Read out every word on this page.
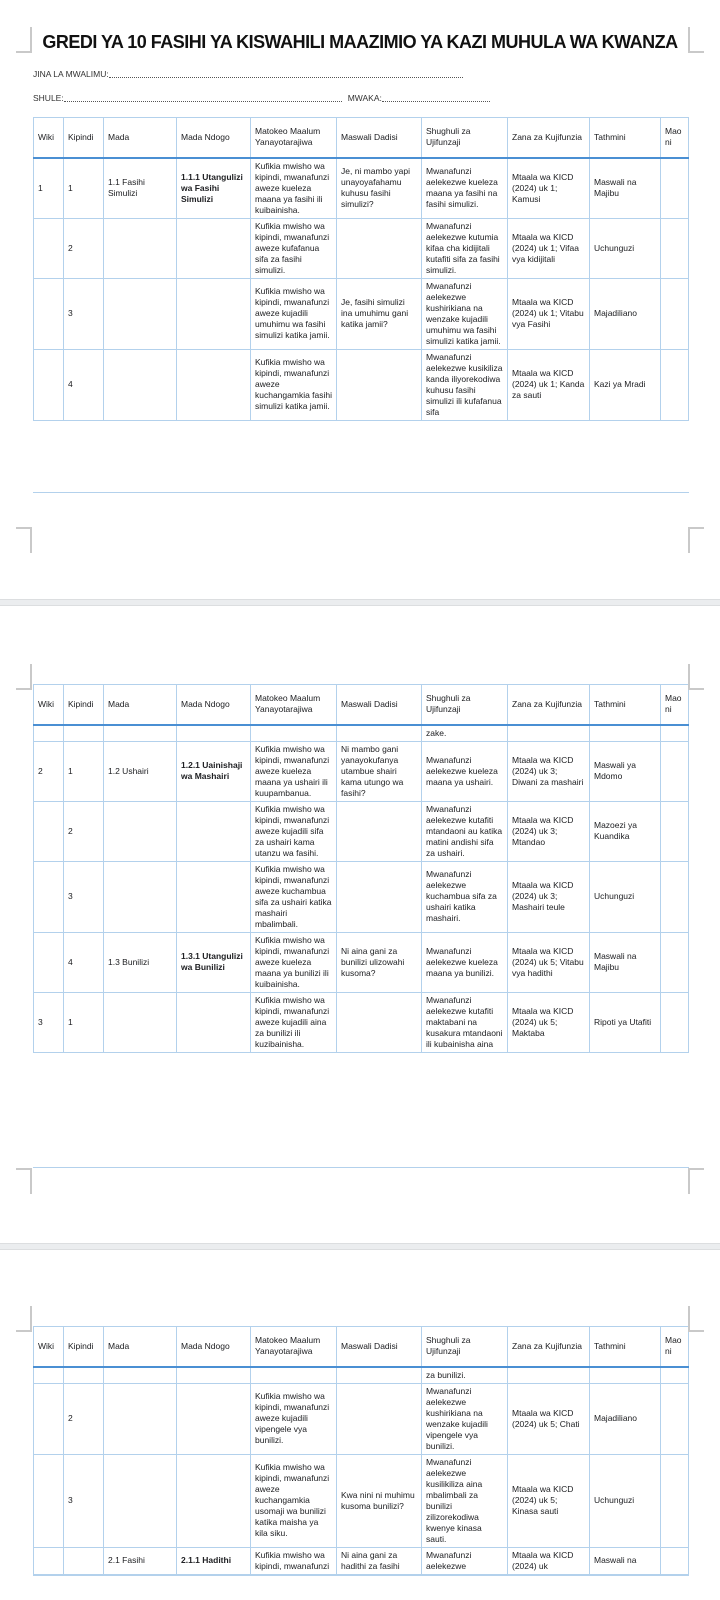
GREDI YA 10 FASIHI YA KISWAHILI MAAZIMIO YA KAZI MUHULA WA KWANZA
JINA LA MWALIMU:
SHULE:	MWAKA:
Wiki	Kipindi	Mada	Mada Ndogo	Matokeo Maalum Yanayotarajiwa	Maswali Dadisi	Shughuli za Ujifunzaji	Zana za Kujifunzia	Tathmini	Maoni
1	1	1.1 Fasihi Simulizi	1.1.1 Utangulizi wa Fasihi Simulizi	Kufikia mwisho wa kipindi, mwanafunzi aweze kueleza maana ya fasihi ili kuibainisha.	Je, ni mambo yapi unayoyafahamu kuhusu fasihi simulizi?	Mwanafunzi aelekezwe kueleza maana ya fasihi na fasihi simulizi.	Mtaala wa KICD (2024) uk 1; Kamusi	Maswali na Majibu	
	2			Kufikia mwisho wa kipindi, mwanafunzi aweze kufafanua sifa za fasihi simulizi.		Mwanafunzi aelekezwe kutumia kifaa cha kidijitali kutafiti sifa za fasihi simulizi.	Mtaala wa KICD (2024) uk 1; Vifaa vya kidijitali	Uchunguzi	
	3			Kufikia mwisho wa kipindi, mwanafunzi aweze kujadili umuhimu wa fasihi simulizi katika jamii.	Je, fasihi simulizi ina umuhimu gani katika jamii?	Mwanafunzi aelekezwe kushirikiana na wenzake kujadili umuhimu wa fasihi simulizi katika jamii.	Mtaala wa KICD (2024) uk 1; Vitabu vya Fasihi	Majadiliano	
	4			Kufikia mwisho wa kipindi, mwanafunzi aweze kuchangamkia fasihi simulizi katika jamii.		Mwanafunzi aelekezwe kusikiliza kanda iliyorekodiwa kuhusu fasihi simulizi ili kufafanua sifa	Mtaala wa KICD (2024) uk 1; Kanda za sauti	Kazi ya Mradi	
Wiki	Kipindi	Mada	Mada Ndogo	Matokeo Maalum Yanayotarajiwa	Maswali Dadisi	Shughuli za Ujifunzaji	Zana za Kujifunzia	Tathmini	Maoni
						zake.			
2	1	1.2 Ushairi	1.2.1 Uainishaji wa Mashairi	Kufikia mwisho wa kipindi, mwanafunzi aweze kueleza maana ya ushairi ili kuupambanua.	Ni mambo gani yanayokufanya utambue shairi kama utungo wa fasihi?	Mwanafunzi aelekezwe kueleza maana ya ushairi.	Mtaala wa KICD (2024) uk 3; Diwani za mashairi	Maswali ya Mdomo	
	2			Kufikia mwisho wa kipindi, mwanafunzi aweze kujadili sifa za ushairi kama utanzu wa fasihi.		Mwanafunzi aelekezwe kutafiti mtandaoni au katika matini andishi sifa za ushairi.	Mtaala wa KICD (2024) uk 3; Mtandao	Mazoezi ya Kuandika	
	3			Kufikia mwisho wa kipindi, mwanafunzi aweze kuchambua sifa za ushairi katika mashairi mbalimbali.		Mwanafunzi aelekezwe kuchambua sifa za ushairi katika mashairi.	Mtaala wa KICD (2024) uk 3; Mashairi teule	Uchunguzi	
	4	1.3 Bunilizi	1.3.1 Utangulizi wa Bunilizi	Kufikia mwisho wa kipindi, mwanafunzi aweze kueleza maana ya bunilizi ili kuibainisha.	Ni aina gani za bunilizi ulizowahi kusoma?	Mwanafunzi aelekezwe kueleza maana ya bunilizi.	Mtaala wa KICD (2024) uk 5; Vitabu vya hadithi	Maswali na Majibu	
3	1			Kufikia mwisho wa kipindi, mwanafunzi aweze kujadili aina za bunilizi ili kuzibainisha.		Mwanafunzi aelekezwe kutafiti maktabani na kusakura mtandaoni ili kubainisha aina	Mtaala wa KICD (2024) uk 5; Maktaba	Ripoti ya Utafiti	
Wiki	Kipindi	Mada	Mada Ndogo	Matokeo Maalum Yanayotarajiwa	Maswali Dadisi	Shughuli za Ujifunzaji	Zana za Kujifunzia	Tathmini	Maoni
						za bunilizi.			
	2			Kufikia mwisho wa kipindi, mwanafunzi aweze kujadili vipengele vya bunilizi.		Mwanafunzi aelekezwe kushirikiana na wenzake kujadili vipengele vya bunilizi.	Mtaala wa KICD (2024) uk 5; Chati	Majadiliano	
	3			Kufikia mwisho wa kipindi, mwanafunzi aweze kuchangamkia usomaji wa bunilizi katika maisha ya kila siku.	Kwa nini ni muhimu kusoma bunilizi?	Mwanafunzi aelekezwe kusilikiliza aina mbalimbali za bunilizi zilizorekodiwa kwenye kinasa sauti.	Mtaala wa KICD (2024) uk 5; Kinasa sauti	Uchunguzi	
		2.1 Fasihi	2.1.1 Hadithi	Kufikia mwisho wa kipindi, mwanafunzi	Ni aina gani za hadithi za fasihi	Mwanafunzi aelekezwe	Mtaala wa KICD (2024) uk	Maswali na	
